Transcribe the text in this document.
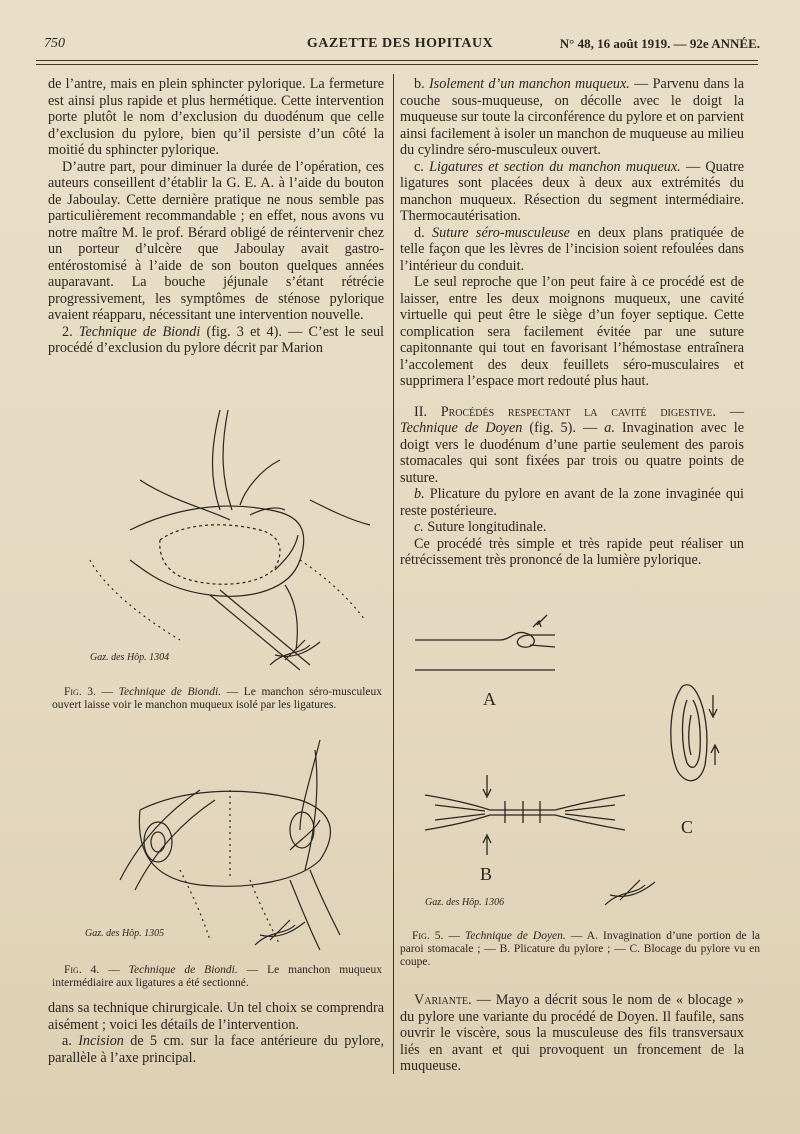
750	GAZETTE DES HOPITAUX	N° 48, 16 août 1919. — 92e ANNÉE.

de l’antre, mais en plein sphincter pylorique. La fermeture est ainsi plus rapide et plus hermétique. Cette intervention porte plutôt le nom d’exclusion du duodénum que celle d’exclusion du pylore, bien qu’il persiste d’un côté la moitié du sphincter pylorique.

D’autre part, pour diminuer la durée de l’opération, ces auteurs conseillent d’établir la G. E. A. à l’aide du bouton de Jaboulay. Cette dernière pratique ne nous semble pas particulièrement recommandable ; en effet, nous avons vu notre maître M. le prof. Bérard obligé de réintervenir chez un porteur d’ulcère que Jaboulay avait gastro-entérostomisé à l’aide de son bouton quelques années auparavant. La bouche jéjunale s’étant rétrécie progressivement, les symptômes de sténose pylorique avaient réapparu, nécessitant une intervention nouvelle.

2. Technique de Biondi (fig. 3 et 4). — C’est le seul procédé d’exclusion du pylore décrit par Marion

Gaz. des Hôp. 1304

Fig. 3. — Technique de Biondi. — Le manchon séro-musculeux ouvert laisse voir le manchon muqueux isolé par les ligatures.

Gaz. des Hôp. 1305

Fig. 4. — Technique de Biondi. — Le manchon muqueux intermédiaire aux ligatures a été sectionné.

dans sa technique chirurgicale. Un tel choix se comprendra aisément ; voici les détails de l’intervention.

a. Incision de 5 cm. sur la face antérieure du pylore, parallèle à l’axe principal.

b. Isolement d’un manchon muqueux. — Parvenu dans la couche sous-muqueuse, on décolle avec le doigt la muqueuse sur toute la circonférence du pylore et on parvient ainsi facilement à isoler un manchon de muqueuse au milieu du cylindre séro-musculeux ouvert.

c. Ligatures et section du manchon muqueux. — Quatre ligatures sont placées deux à deux aux extrémités du manchon muqueux. Résection du segment intermédiaire. Thermocautérisation.

d. Suture séro-musculeuse en deux plans pratiquée de telle façon que les lèvres de l’incision soient refoulées dans l’intérieur du conduit.

Le seul reproche que l’on peut faire à ce procédé est de laisser, entre les deux moignons muqueux, une cavité virtuelle qui peut être le siège d’un foyer septique. Cette complication sera facilement évitée par une suture capitonnante qui tout en favorisant l’hémostase entraînera l’accolement des deux feuillets séro-musculaires et supprimera l’espace mort redouté plus haut.

II. Procédés respectant la cavité digestive. — Technique de Doyen (fig. 5). — a. Invagination avec le doigt vers le duodénum d’une partie seulement des parois stomacales qui sont fixées par trois ou quatre points de suture.

b. Plicature du pylore en avant de la zone invaginée qui reste postérieure.

c. Suture longitudinale.

Ce procédé très simple et très rapide peut réaliser un rétrécissement très prononcé de la lumière pylorique.

A
B
C
Gaz. des Hôp. 1306

Fig. 5. — Technique de Doyen. — A. Invagination d’une portion de la paroi stomacale ; — B. Plicature du pylore ; — C. Blocage du pylore vu en coupe.

Variante. — Mayo a décrit sous le nom de « blocage » du pylore une variante du procédé de Doyen. Il faufile, sans ouvrir le viscère, sous la musculeuse des fils transversaux liés en avant et qui provoquent un froncement de la muqueuse.
